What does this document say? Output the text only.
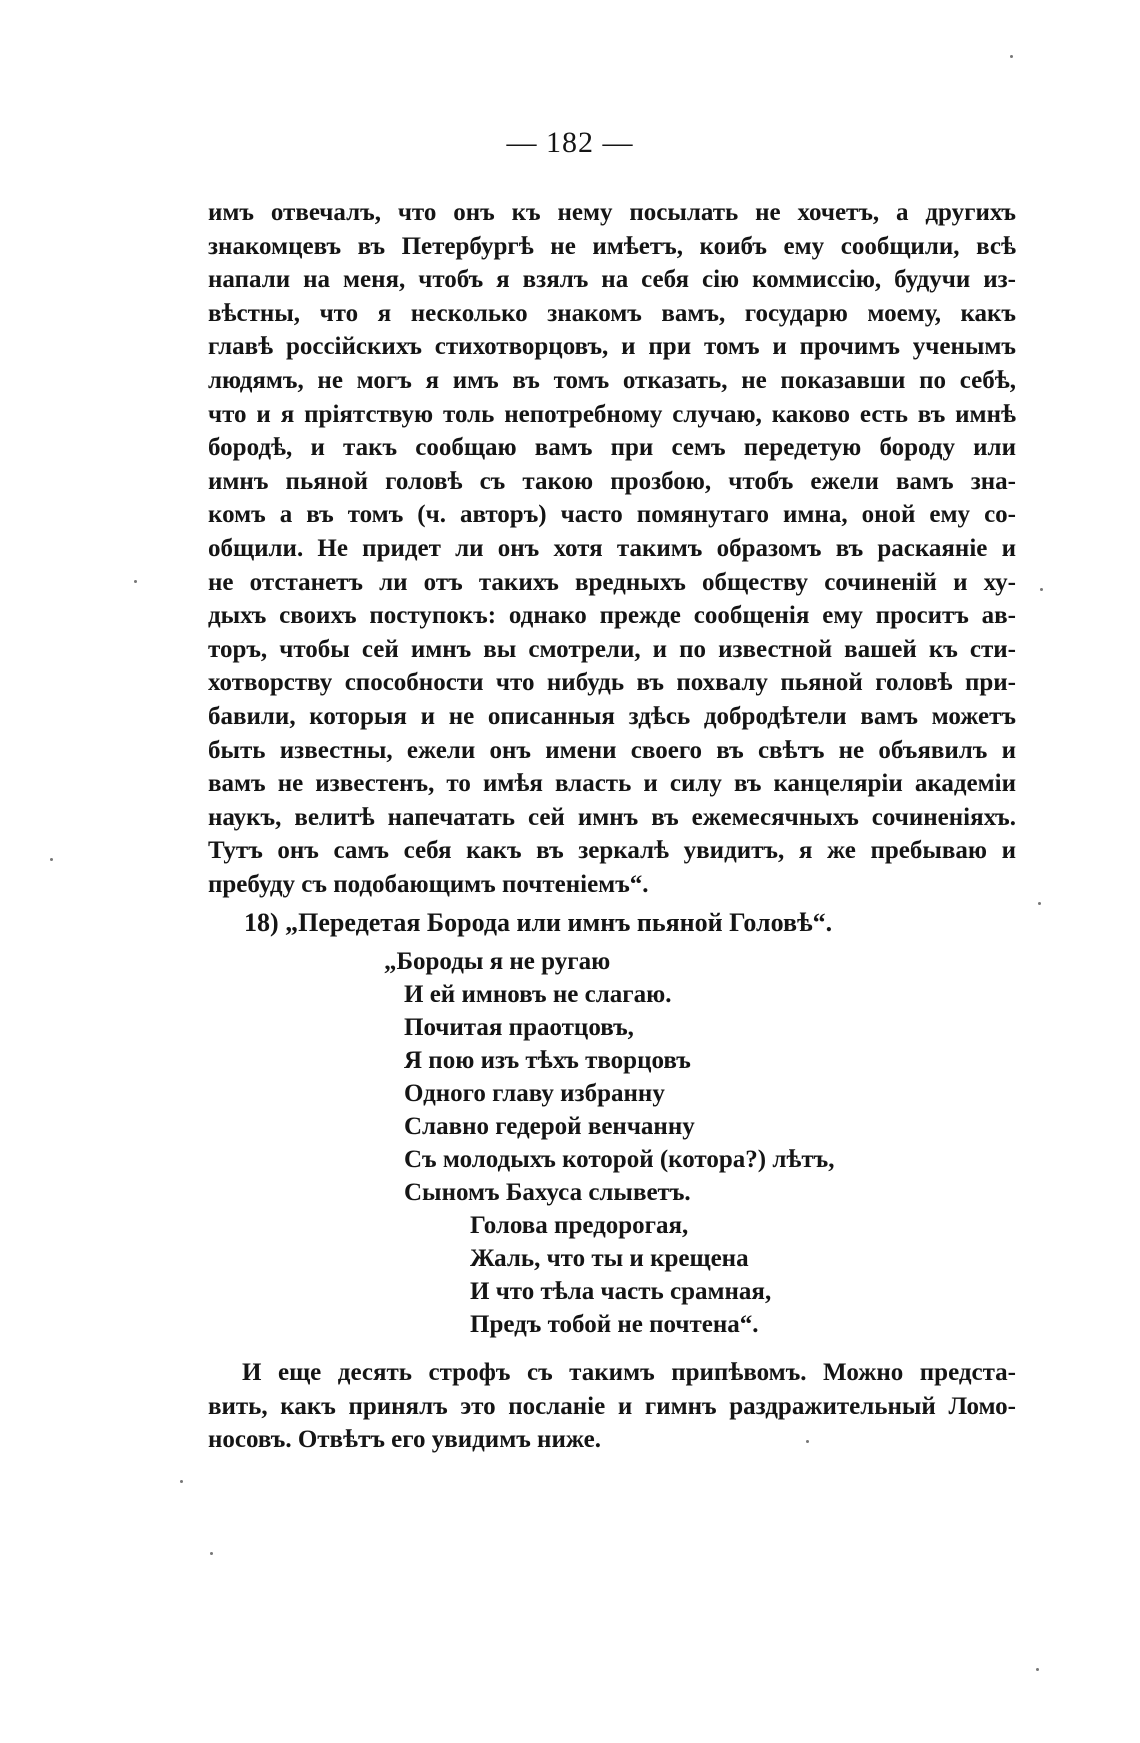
— 182 —
имъ отвечалъ, что онъ къ нему посылать не хочетъ, а другихъ
знакомцевъ въ Петербургѣ не имѣетъ, коибъ ему сообщили, всѣ
напали на меня, чтобъ я взялъ на себя сiю коммиссiю, будучи из-
вѣстны, что я несколько знакомъ вамъ, государю моему, какъ
главѣ россiйскихъ стихотворцовъ, и при томъ и прочимъ ученымъ
людямъ, не могъ я имъ въ томъ отказать, не показавши по себѣ,
что и я прiятствую толь непотребному случаю, каково есть въ имнѣ
бородѣ, и такъ сообщаю вамъ при семъ передетую бороду или
имнъ пьяной головѣ съ такою прозбою, чтобъ ежели вамъ зна-
комъ а въ томъ (ч. авторъ) часто помянутаго имна, оной ему со-
общили. Не придет ли онъ хотя такимъ образомъ въ раскаянie и
не отстанетъ ли отъ такихъ вредныхъ обществу сочиненiй и ху-
дыхъ своихъ поступокъ: однако прежде сообщенiя ему проситъ ав-
торъ, чтобы сей имнъ вы смотрели, и по известной вашей къ сти-
хотворству способности что нибудь въ похвалу пьяной головѣ при-
бавили, которыя и не описанныя здѣсь добродѣтели вамъ можетъ
быть известны, ежели онъ имени своего въ свѣтъ не объявилъ и
вамъ не известенъ, то имѣя власть и силу въ канцелярiи академiи
наукъ, велитѣ напечатать сей имнъ въ ежемесячныхъ сочиненiяхъ.
Тутъ онъ самъ себя какъ въ зеркалѣ увидитъ, я же пребываю и
пребуду съ подобающимъ почтенiемъ“.
18) „Передетая Борода или имнъ пьяной Головѣ“.
„Бороды я не ругаю
И ей имновъ не слагаю.
Почитая праотцовъ,
Я пою изъ тѣхъ творцовъ
Одного главу избранну
Славно гедерой венчанну
Съ молодыхъ которой (котора?) лѣтъ,
Сыномъ Бахуса слыветъ.
Голова предорогая,
Жаль, что ты и крещена
И что тѣла часть срамная,
Предъ тобой не почтена“.
И еще десять строфъ съ такимъ припѣвомъ. Можно предста-
вить, какъ принялъ это посланiе и гимнъ раздражительный Ломо-
носовъ. Отвѣтъ его увидимъ ниже.
